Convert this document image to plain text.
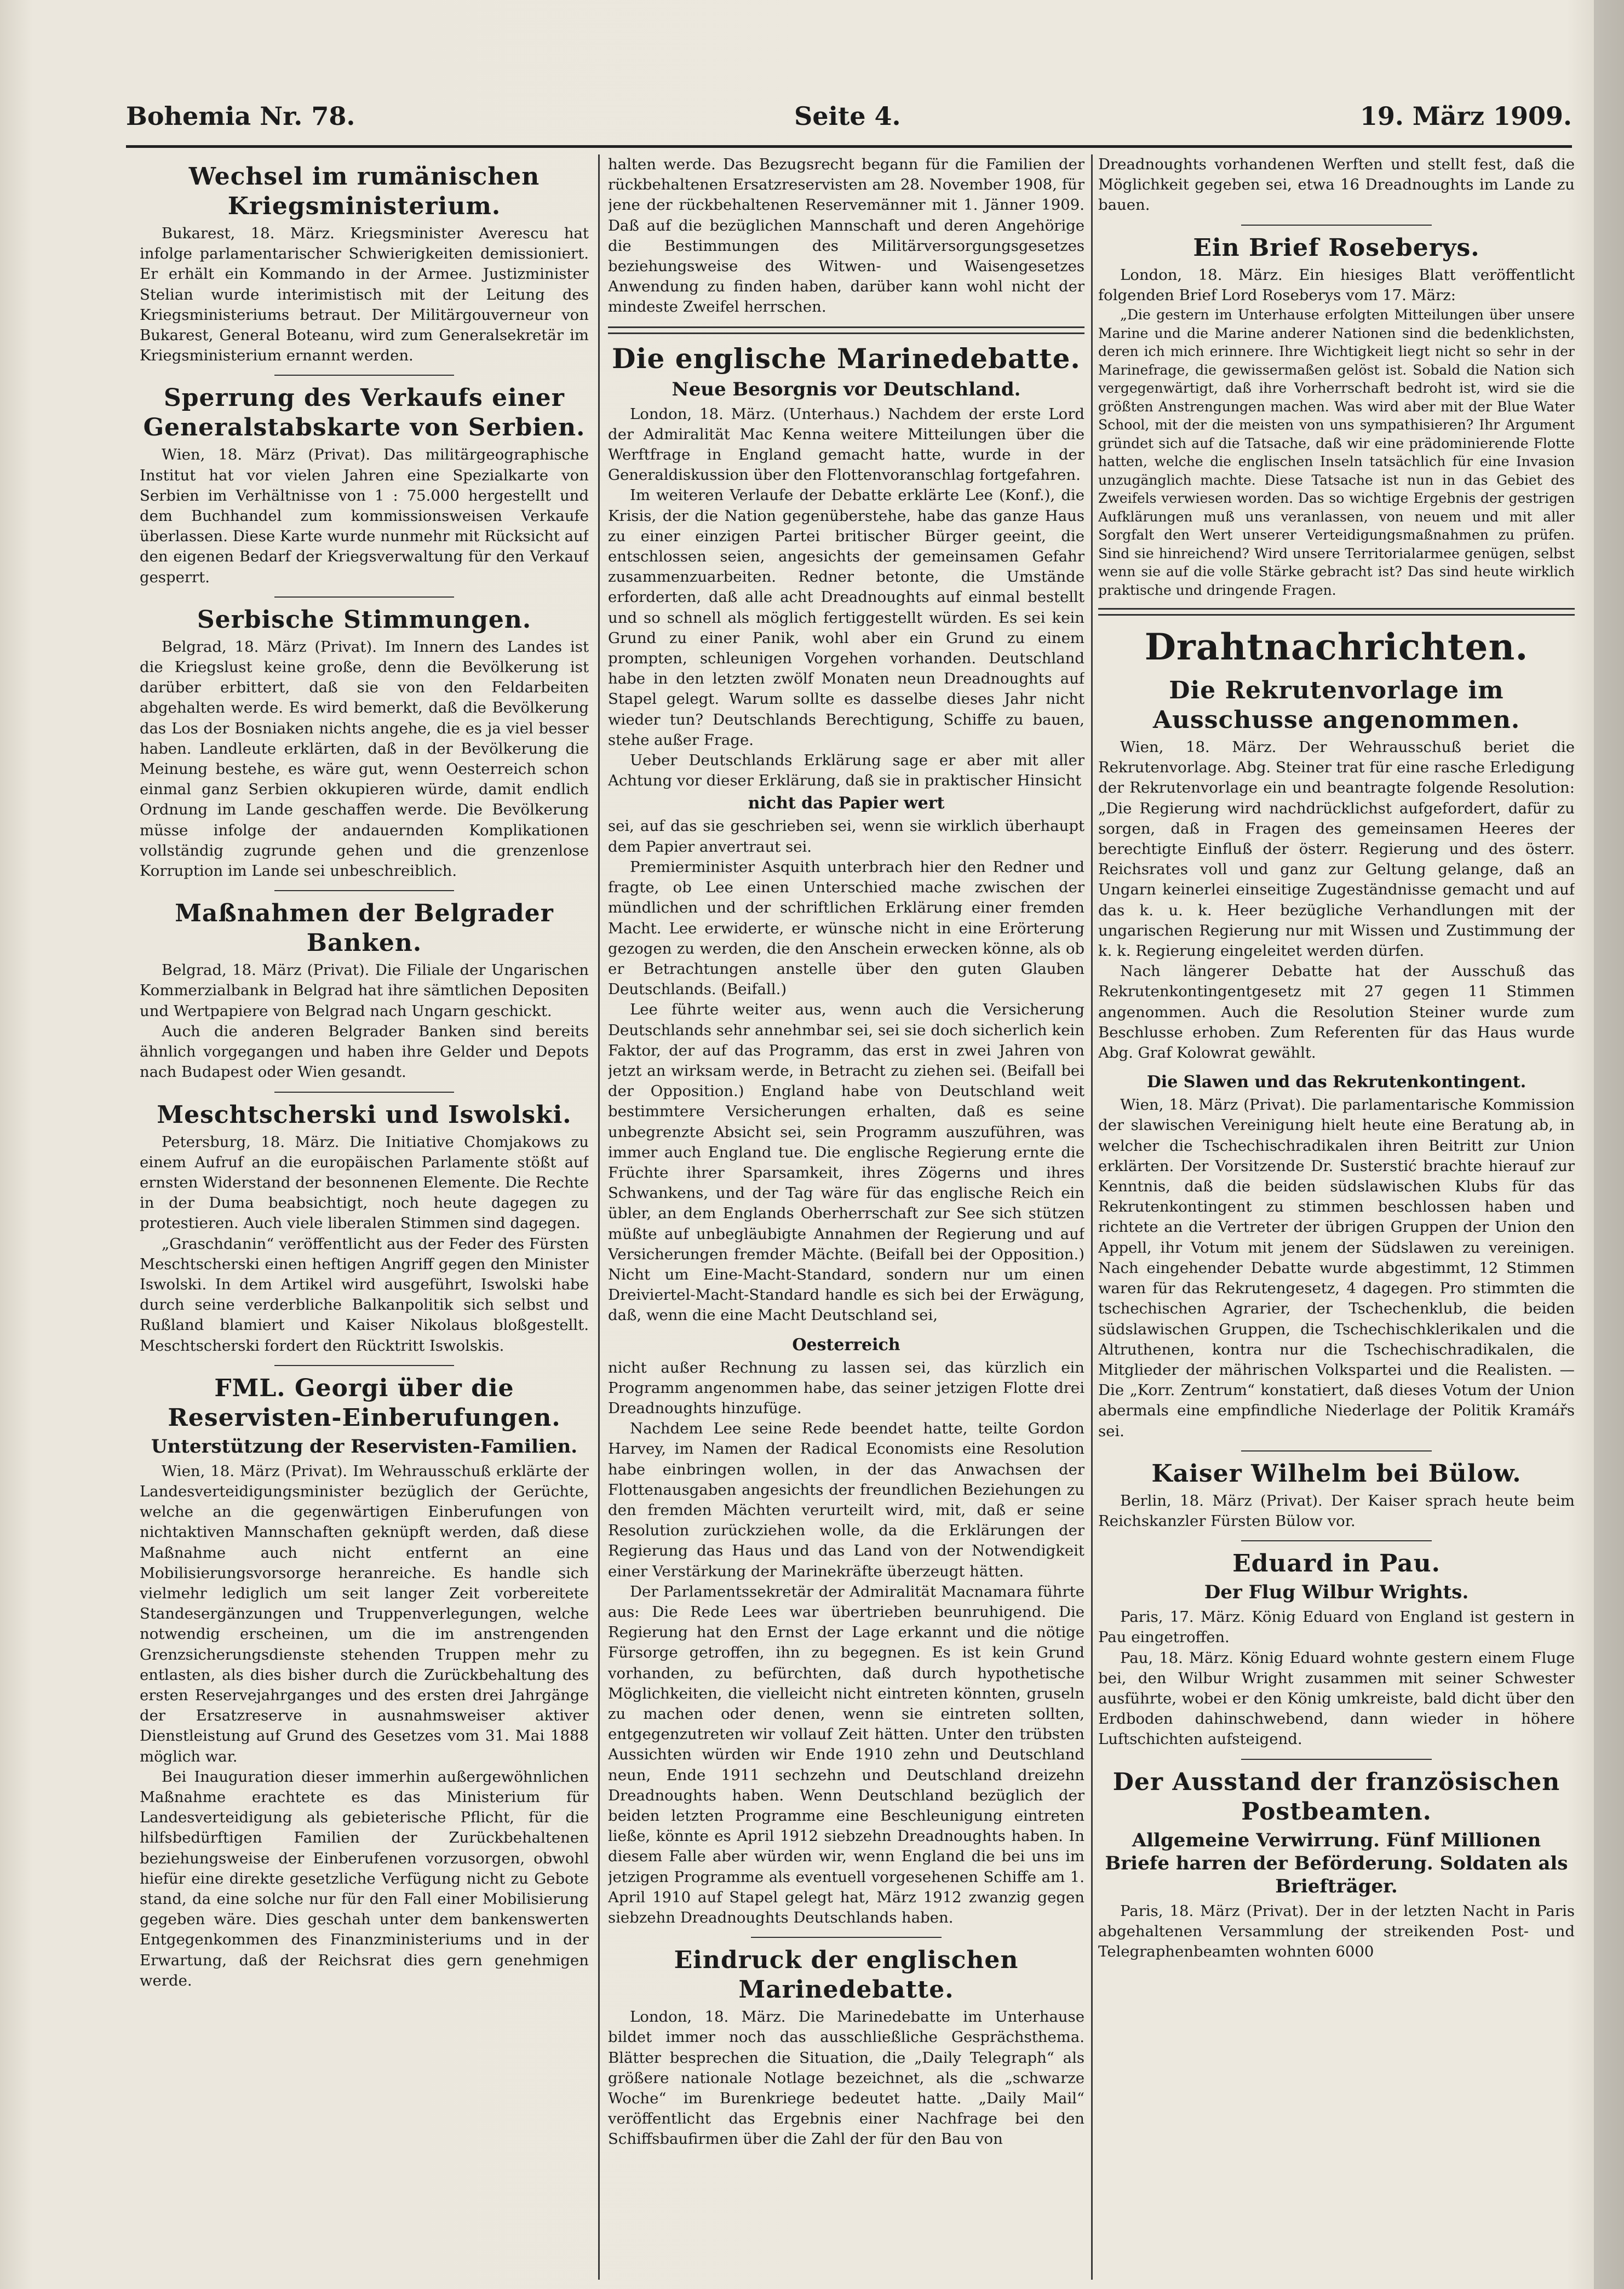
Bohemia Nr. 78.	Seite 4.	19. März 1909.
Wechsel im rumänischen Kriegsministerium.

Bukarest, 18. März. Kriegsminister Averescu hat infolge parlamentarischer Schwierigkeiten demissioniert. Er erhält ein Kommando in der Armee. Justizminister Stelian wurde interimistisch mit der Leitung des Kriegsministeriums betraut. Der Militärgouverneur von Bukarest, General Boteanu, wird zum Generalsekretär im Kriegsministerium ernannt werden.

Sperrung des Verkaufs einer Generalstabskarte von Serbien.

Wien, 18. März (Privat). Das militärgeographische Institut hat vor vielen Jahren eine Spezialkarte von Serbien im Verhältnisse von 1 : 75.000 hergestellt und dem Buchhandel zum kommissionsweisen Verkaufe überlassen. Diese Karte wurde nunmehr mit Rücksicht auf den eigenen Bedarf der Kriegsverwaltung für den Verkauf gesperrt.

Serbische Stimmungen.

Belgrad, 18. März (Privat). Im Innern des Landes ist die Kriegslust keine große, denn die Bevölkerung ist darüber erbittert, daß sie von den Feldarbeiten abgehalten werde. Es wird bemerkt, daß die Bevölkerung das Los der Bosniaken nichts angehe, die es ja viel besser haben. Landleute erklärten, daß in der Bevölkerung die Meinung bestehe, es wäre gut, wenn Oesterreich schon einmal ganz Serbien okkupieren würde, damit endlich Ordnung im Lande geschaffen werde. Die Bevölkerung müsse infolge der andauernden Komplikationen vollständig zugrunde gehen und die grenzenlose Korruption im Lande sei unbeschreiblich.

Maßnahmen der Belgrader Banken.

Belgrad, 18. März (Privat). Die Filiale der Ungarischen Kommerzialbank in Belgrad hat ihre sämtlichen Depositen und Wertpapiere von Belgrad nach Ungarn geschickt.

Auch die anderen Belgrader Banken sind bereits ähnlich vorgegangen und haben ihre Gelder und Depots nach Budapest oder Wien gesandt.

Meschtscherski und Iswolski.

Petersburg, 18. März. Die Initiative Chomjakows zu einem Aufruf an die europäischen Parlamente stößt auf ernsten Widerstand der besonnenen Elemente. Die Rechte in der Duma beabsichtigt, noch heute dagegen zu protestieren. Auch viele liberalen Stimmen sind dagegen.

„Graschdanin“ veröffentlicht aus der Feder des Fürsten Meschtscherski einen heftigen Angriff gegen den Minister Iswolski. In dem Artikel wird ausgeführt, Iswolski habe durch seine verderbliche Balkanpolitik sich selbst und Rußland blamiert und Kaiser Nikolaus bloßgestellt. Meschtscherski fordert den Rücktritt Iswolskis.

FML. Georgi über die Reservisten-Einberufungen.
Unterstützung der Reservisten-Familien.

Wien, 18. März (Privat). Im Wehrausschuß erklärte der Landesverteidigungsminister bezüglich der Gerüchte, welche an die gegenwärtigen Einberufungen von nichtaktiven Mannschaften geknüpft werden, daß diese Maßnahme auch nicht entfernt an eine Mobilisierungsvorsorge heranreiche. Es handle sich vielmehr lediglich um seit langer Zeit vorbereitete Standesergänzungen und Truppenverlegungen, welche notwendig erscheinen, um die im anstrengenden Grenzsicherungsdienste stehenden Truppen mehr zu entlasten, als dies bisher durch die Zurückbehaltung des ersten Reservejahrganges und des ersten drei Jahrgänge der Ersatzreserve in ausnahmsweiser aktiver Dienstleistung auf Grund des Gesetzes vom 31. Mai 1888 möglich war.

Bei Inauguration dieser immerhin außergewöhnlichen Maßnahme erachtete es das Ministerium für Landesverteidigung als gebieterische Pflicht, für die hilfsbedürftigen Familien der Zurückbehaltenen beziehungsweise der Einberufenen vorzusorgen, obwohl hiefür eine direkte gesetzliche Verfügung nicht zu Gebote stand, da eine solche nur für den Fall einer Mobilisierung gegeben wäre. Dies geschah unter dem bankenswerten Entgegenkommen des Finanzministeriums und in der Erwartung, daß der Reichsrat dies gern genehmigen werde.

halten werde. Das Bezugsrecht begann für die Familien der rückbehaltenen Ersatzreservisten am 28. November 1908, für jene der rückbehaltenen Reservemänner mit 1. Jänner 1909. Daß auf die bezüglichen Mannschaft und deren Angehörige die Bestimmungen des Militärversorgungsgesetzes beziehungsweise des Witwen- und Waisengesetzes Anwendung zu finden haben, darüber kann wohl nicht der mindeste Zweifel herrschen.

Die englische Marinedebatte.
Neue Besorgnis vor Deutschland.

London, 18. März. (Unterhaus.) Nachdem der erste Lord der Admiralität Mac Kenna weitere Mitteilungen über die Werftfrage in England gemacht hatte, wurde in der Generaldiskussion über den Flottenvoranschlag fortgefahren.

Im weiteren Verlaufe der Debatte erklärte Lee (Konf.), die Krisis, der die Nation gegenüberstehe, habe das ganze Haus zu einer einzigen Partei britischer Bürger geeint, die entschlossen seien, angesichts der gemeinsamen Gefahr zusammenzuarbeiten. Redner betonte, die Umstände erforderten, daß alle acht Dreadnoughts auf einmal bestellt und so schnell als möglich fertiggestellt würden. Es sei kein Grund zu einer Panik, wohl aber ein Grund zu einem prompten, schleunigen Vorgehen vorhanden. Deutschland habe in den letzten zwölf Monaten neun Dreadnoughts auf Stapel gelegt. Warum sollte es dasselbe dieses Jahr nicht wieder tun? Deutschlands Berechtigung, Schiffe zu bauen, stehe außer Frage.

Ueber Deutschlands Erklärung sage er aber mit aller Achtung vor dieser Erklärung, daß sie in praktischer Hinsicht

nicht das Papier wert

sei, auf das sie geschrieben sei, wenn sie wirklich überhaupt dem Papier anvertraut sei.

Premierminister Asquith unterbrach hier den Redner und fragte, ob Lee einen Unterschied mache zwischen der mündlichen und der schriftlichen Erklärung einer fremden Macht. Lee erwiderte, er wünsche nicht in eine Erörterung gezogen zu werden, die den Anschein erwecken könne, als ob er Betrachtungen anstelle über den guten Glauben Deutschlands. (Beifall.)

Lee führte weiter aus, wenn auch die Versicherung Deutschlands sehr annehmbar sei, sei sie doch sicherlich kein Faktor, der auf das Programm, das erst in zwei Jahren von jetzt an wirksam werde, in Betracht zu ziehen sei. (Beifall bei der Opposition.) England habe von Deutschland weit bestimmtere Versicherungen erhalten, daß es seine unbegrenzte Absicht sei, sein Programm auszuführen, was immer auch England tue. Die englische Regierung ernte die Früchte ihrer Sparsamkeit, ihres Zögerns und ihres Schwankens, und der Tag wäre für das englische Reich ein übler, an dem Englands Oberherrschaft zur See sich stützen müßte auf unbegläubigte Annahmen der Regierung und auf Versicherungen fremder Mächte. (Beifall bei der Opposition.) Nicht um Eine-Macht-Standard, sondern nur um einen Dreiviertel-Macht-Standard handle es sich bei der Erwägung, daß, wenn die eine Macht Deutschland sei,

Oesterreich

nicht außer Rechnung zu lassen sei, das kürzlich ein Programm angenommen habe, das seiner jetzigen Flotte drei Dreadnoughts hinzufüge.

Nachdem Lee seine Rede beendet hatte, teilte Gordon Harvey, im Namen der Radical Economists eine Resolution habe einbringen wollen, in der das Anwachsen der Flottenausgaben angesichts der freundlichen Beziehungen zu den fremden Mächten verurteilt wird, mit, daß er seine Resolution zurückziehen wolle, da die Erklärungen der Regierung das Haus und das Land von der Notwendigkeit einer Verstärkung der Marinekräfte überzeugt hätten.

Der Parlamentssekretär der Admiralität Macnamara führte aus: Die Rede Lees war übertrieben beunruhigend. Die Regierung hat den Ernst der Lage erkannt und die nötige Fürsorge getroffen, ihn zu begegnen. Es ist kein Grund vorhanden, zu befürchten, daß durch hypothetische Möglichkeiten, die vielleicht nicht eintreten könnten, gruseln zu machen oder denen, wenn sie eintreten sollten, entgegenzutreten wir vollauf Zeit hätten. Unter den trübsten Aussichten würden wir Ende 1910 zehn und Deutschland neun, Ende 1911 sechzehn und Deutschland dreizehn Dreadnoughts haben. Wenn Deutschland bezüglich der beiden letzten Programme eine Beschleunigung eintreten ließe, könnte es April 1912 siebzehn Dreadnoughts haben. In diesem Falle aber würden wir, wenn England die bei uns im jetzigen Programme als eventuell vorgesehenen Schiffe am 1. April 1910 auf Stapel gelegt hat, März 1912 zwanzig gegen siebzehn Dreadnoughts Deutschlands haben.

Eindruck der englischen Marinedebatte.

London, 18. März. Die Marinedebatte im Unterhause bildet immer noch das ausschließliche Gesprächsthema. Blätter besprechen die Situation, die „Daily Telegraph“ als größere nationale Notlage bezeichnet, als die „schwarze Woche“ im Burenkriege bedeutet hatte. „Daily Mail“ veröffentlicht das Ergebnis einer Nachfrage bei den Schiffsbaufirmen über die Zahl der für den Bau von

Dreadnoughts vorhandenen Werften und stellt fest, daß die Möglichkeit gegeben sei, etwa 16 Dreadnoughts im Lande zu bauen.

Ein Brief Roseberys.

London, 18. März. Ein hiesiges Blatt veröffentlicht folgenden Brief Lord Roseberys vom 17. März:

„Die gestern im Unterhause erfolgten Mitteilungen über unsere Marine und die Marine anderer Nationen sind die bedenklichsten, deren ich mich erinnere. Ihre Wichtigkeit liegt nicht so sehr in der Marinefrage, die gewissermaßen gelöst ist. Sobald die Nation sich vergegenwärtigt, daß ihre Vorherrschaft bedroht ist, wird sie die größten Anstrengungen machen. Was wird aber mit der Blue Water School, mit der die meisten von uns sympathisieren? Ihr Argument gründet sich auf die Tatsache, daß wir eine prädominierende Flotte hatten, welche die englischen Inseln tatsächlich für eine Invasion unzugänglich machte. Diese Tatsache ist nun in das Gebiet des Zweifels verwiesen worden. Das so wichtige Ergebnis der gestrigen Aufklärungen muß uns veranlassen, von neuem und mit aller Sorgfalt den Wert unserer Verteidigungsmaßnahmen zu prüfen. Sind sie hinreichend? Wird unsere Territorialarmee genügen, selbst wenn sie auf die volle Stärke gebracht ist? Das sind heute wirklich praktische und dringende Fragen.

Drahtnachrichten.
Die Rekrutenvorlage im Ausschusse angenommen.

Wien, 18. März. Der Wehrausschuß beriet die Rekrutenvorlage. Abg. Steiner trat für eine rasche Erledigung der Rekrutenvorlage ein und beantragte folgende Resolution: „Die Regierung wird nachdrücklichst aufgefordert, dafür zu sorgen, daß in Fragen des gemeinsamen Heeres der berechtigte Einfluß der österr. Regierung und des österr. Reichsrates voll und ganz zur Geltung gelange, daß an Ungarn keinerlei einseitige Zugeständnisse gemacht und auf das k. u. k. Heer bezügliche Verhandlungen mit der ungarischen Regierung nur mit Wissen und Zustimmung der k. k. Regierung eingeleitet werden dürfen.

Nach längerer Debatte hat der Ausschuß das Rekrutenkontingentgesetz mit 27 gegen 11 Stimmen angenommen. Auch die Resolution Steiner wurde zum Beschlusse erhoben. Zum Referenten für das Haus wurde Abg. Graf Kolowrat gewählt.

Die Slawen und das Rekrutenkontingent.

Wien, 18. März (Privat). Die parlamentarische Kommission der slawischen Vereinigung hielt heute eine Beratung ab, in welcher die Tschechischradikalen ihren Beitritt zur Union erklärten. Der Vorsitzende Dr. Susterstić brachte hierauf zur Kenntnis, daß die beiden südslawischen Klubs für das Rekrutenkontingent zu stimmen beschlossen haben und richtete an die Vertreter der übrigen Gruppen der Union den Appell, ihr Votum mit jenem der Südslawen zu vereinigen. Nach eingehender Debatte wurde abgestimmt, 12 Stimmen waren für das Rekrutengesetz, 4 dagegen. Pro stimmten die tschechischen Agrarier, der Tschechenklub, die beiden südslawischen Gruppen, die Tschechischklerikalen und die Altruthenen, kontra nur die Tschechischradikalen, die Mitglieder der mährischen Volkspartei und die Realisten. — Die „Korr. Zentrum“ konstatiert, daß dieses Votum der Union abermals eine empfindliche Niederlage der Politik Kramářs sei.

Kaiser Wilhelm bei Bülow.

Berlin, 18. März (Privat). Der Kaiser sprach heute beim Reichskanzler Fürsten Bülow vor.

Eduard in Pau.
Der Flug Wilbur Wrights.

Paris, 17. März. König Eduard von England ist gestern in Pau eingetroffen.

Pau, 18. März. König Eduard wohnte gestern einem Fluge bei, den Wilbur Wright zusammen mit seiner Schwester ausführte, wobei er den König umkreiste, bald dicht über den Erdboden dahinschwebend, dann wieder in höhere Luftschichten aufsteigend.

Der Ausstand der französischen Postbeamten.
Allgemeine Verwirrung. Fünf Millionen Briefe harren der Beförderung. Soldaten als Briefträger.

Paris, 18. März (Privat). Der in der letzten Nacht in Paris abgehaltenen Versammlung der streikenden Post- und Telegraphenbeamten wohnten 6000
